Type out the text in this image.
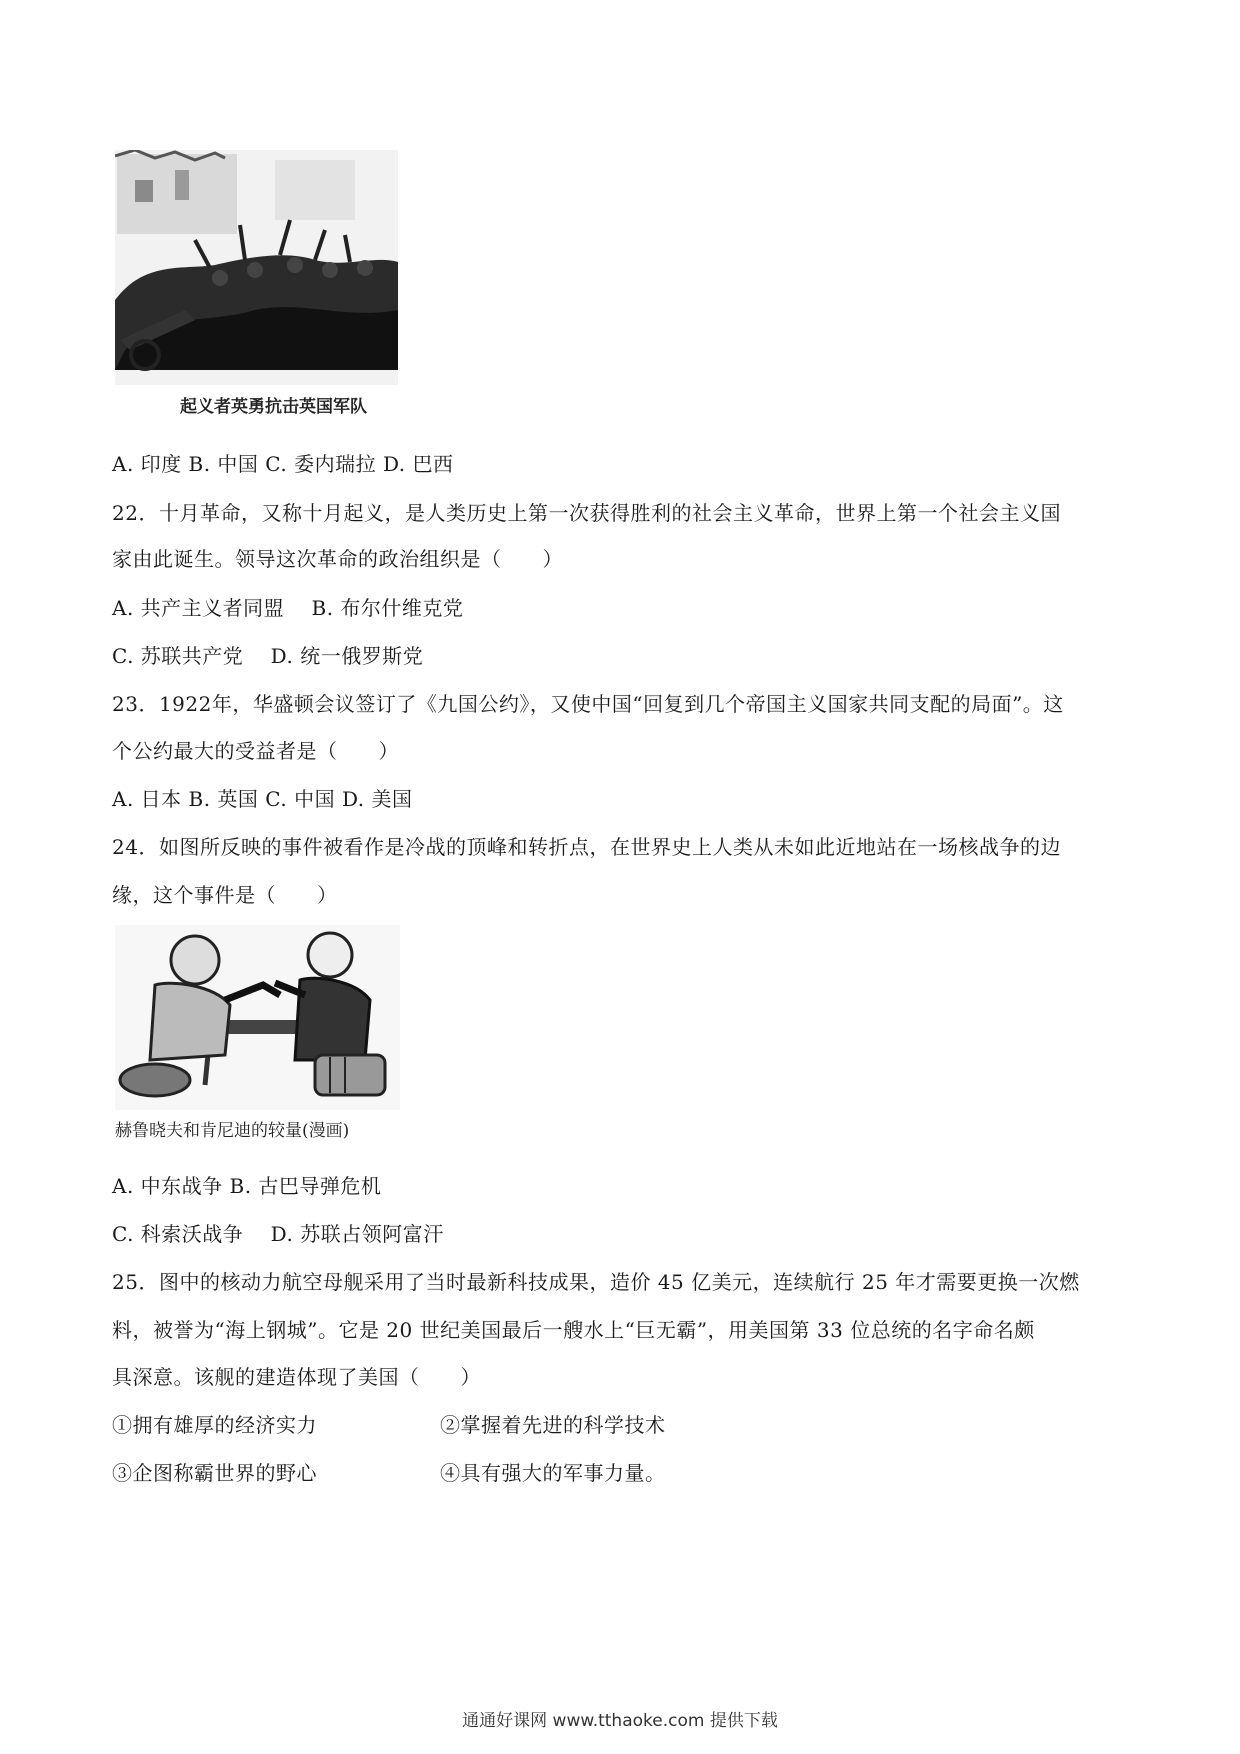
起义者英勇抗击英国军队
A. 印度 B. 中国 C. 委内瑞拉 D. 巴西
22．十月革命，又称十月起义，是人类历史上第一次获得胜利的社会主义革命，世界上第一个社会主义国
家由此诞生。领导这次革命的政治组织是（　　）
A. 共产主义者同盟　 B. 布尔什维克党
C. 苏联共产党　 D. 统一俄罗斯党
23．1922年，华盛顿会议签订了《九国公约》，又使中国“回复到几个帝国主义国家共同支配的局面”。这
个公约最大的受益者是（　　）
A. 日本 B. 英国 C. 中国 D. 美国
24．如图所反映的事件被看作是冷战的顶峰和转折点，在世界史上人类从未如此近地站在一场核战争的边
缘，这个事件是（　　）
赫鲁晓夫和肯尼迪的较量(漫画)
A. 中东战争 B. 古巴导弹危机
C. 科索沃战争　 D. 苏联占领阿富汗
25．图中的核动力航空母舰采用了当时最新科技成果，造价 45 亿美元，连续航行 25 年才需要更换一次燃
料，被誉为“海上钢城”。它是 20 世纪美国最后一艘水上“巨无霸”，用美国第 33 位总统的名字命名颇
具深意。该舰的建造体现了美国（　　）
①拥有雄厚的经济实力	②掌握着先进的科学技术
③企图称霸世界的野心	④具有强大的军事力量。
通通好课网 www.tthaoke.com 提供下载
